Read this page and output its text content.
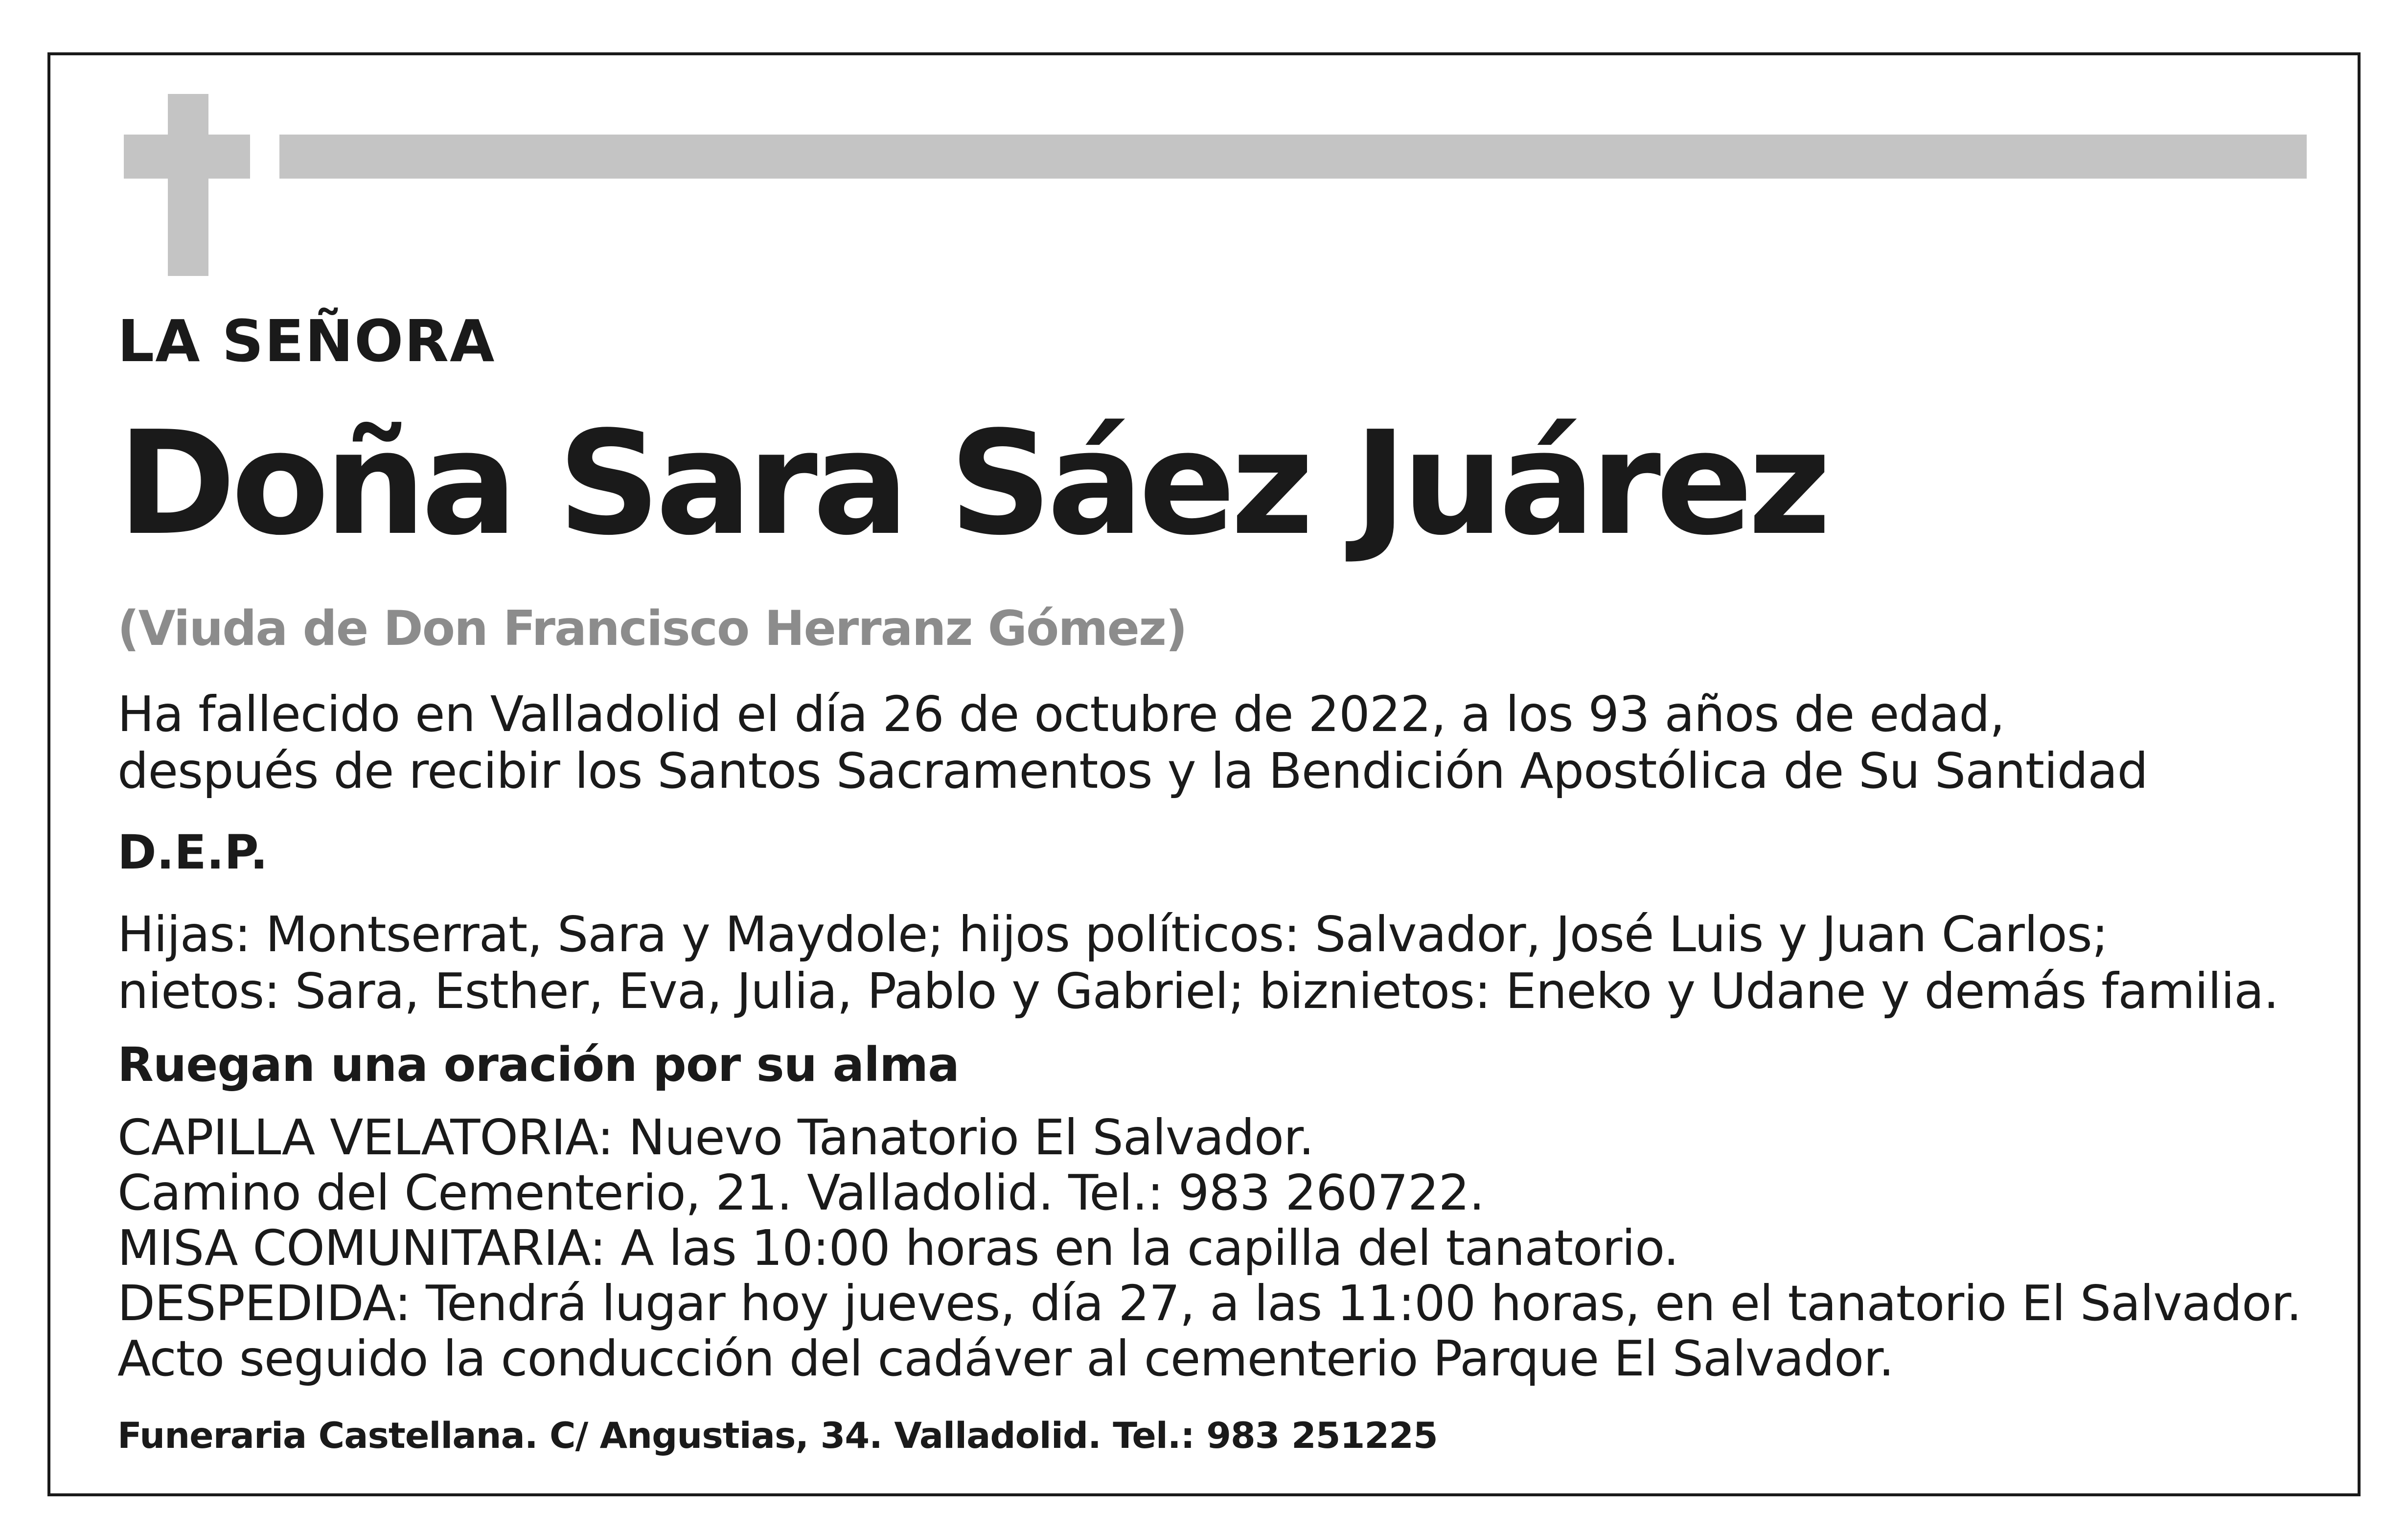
LA SEÑORA

Doña Sara Sáez Juárez

(Viuda de Don Francisco Herranz Gómez)

Ha fallecido en Valladolid el día 26 de octubre de 2022, a los 93 años de edad,
después de recibir los Santos Sacramentos y la Bendición Apostólica de Su Santidad

D.E.P.

Hijas: Montserrat, Sara y Maydole; hijos políticos: Salvador, José Luis y Juan Carlos;
nietos: Sara, Esther, Eva, Julia, Pablo y Gabriel; biznietos: Eneko y Udane y demás familia.

Ruegan una oración por su alma

CAPILLA VELATORIA: Nuevo Tanatorio El Salvador.
Camino del Cementerio, 21. Valladolid. Tel.: 983 260722.
MISA COMUNITARIA: A las 10:00 horas en la capilla del tanatorio.
DESPEDIDA: Tendrá lugar hoy jueves, día 27, a las 11:00 horas, en el tanatorio El Salvador.
Acto seguido la conducción del cadáver al cementerio Parque El Salvador.

Funeraria Castellana. C/ Angustias, 34. Valladolid. Tel.: 983 251225
